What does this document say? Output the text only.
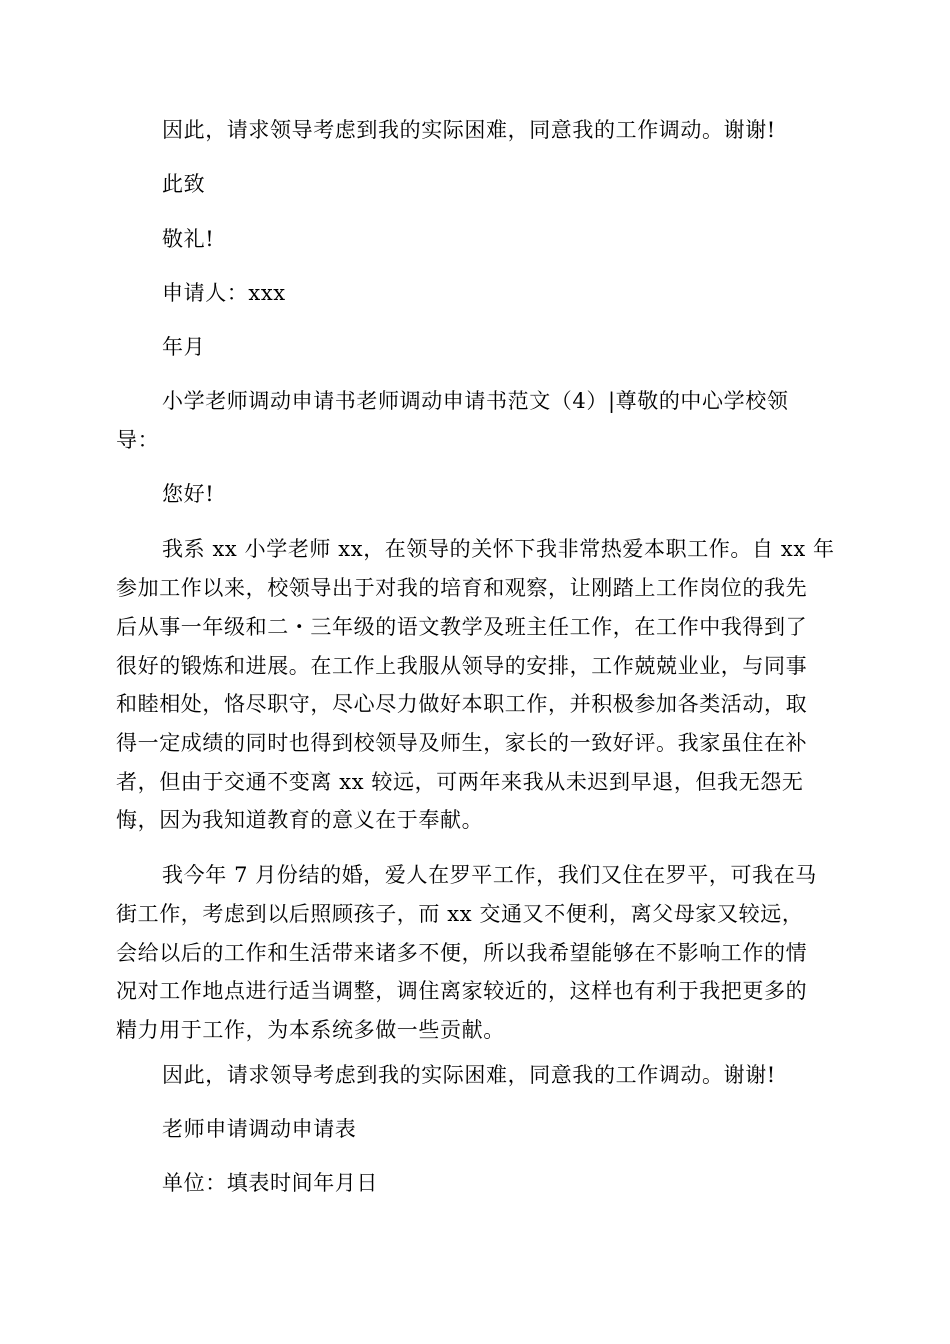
因此，请求领导考虑到我的实际困难，同意我的工作调动。谢谢!
此致
敬礼!
申请人：xxx
年月
小学老师调动申请书老师调动申请书范文（4）|尊敬的中心学校领
导：
您好!
我系 xx 小学老师 xx，在领导的关怀下我非常热爱本职工作。自 xx 年
参加工作以来，校领导出于对我的培育和观察，让刚踏上工作岗位的我先
后从事一年级和二・三年级的语文教学及班主任工作，在工作中我得到了
很好的锻炼和进展。在工作上我服从领导的安排，工作兢兢业业，与同事
和睦相处，恪尽职守，尽心尽力做好本职工作，并积极参加各类活动，取
得一定成绩的同时也得到校领导及师生，家长的一致好评。我家虽住在补
者，但由于交通不变离 xx 较远，可两年来我从未迟到早退，但我无怨无
悔，因为我知道教育的意义在于奉献。
我今年 7 月份结的婚，爱人在罗平工作，我们又住在罗平，可我在马
街工作，考虑到以后照顾孩子，而 xx 交通又不便利，离父母家又较远，
会给以后的工作和生活带来诸多不便，所以我希望能够在不影响工作的情
况对工作地点进行适当调整，调住离家较近的，这样也有利于我把更多的
精力用于工作，为本系统多做一些贡献。
因此，请求领导考虑到我的实际困难，同意我的工作调动。谢谢!
老师申请调动申请表
单位：填表时间年月日
